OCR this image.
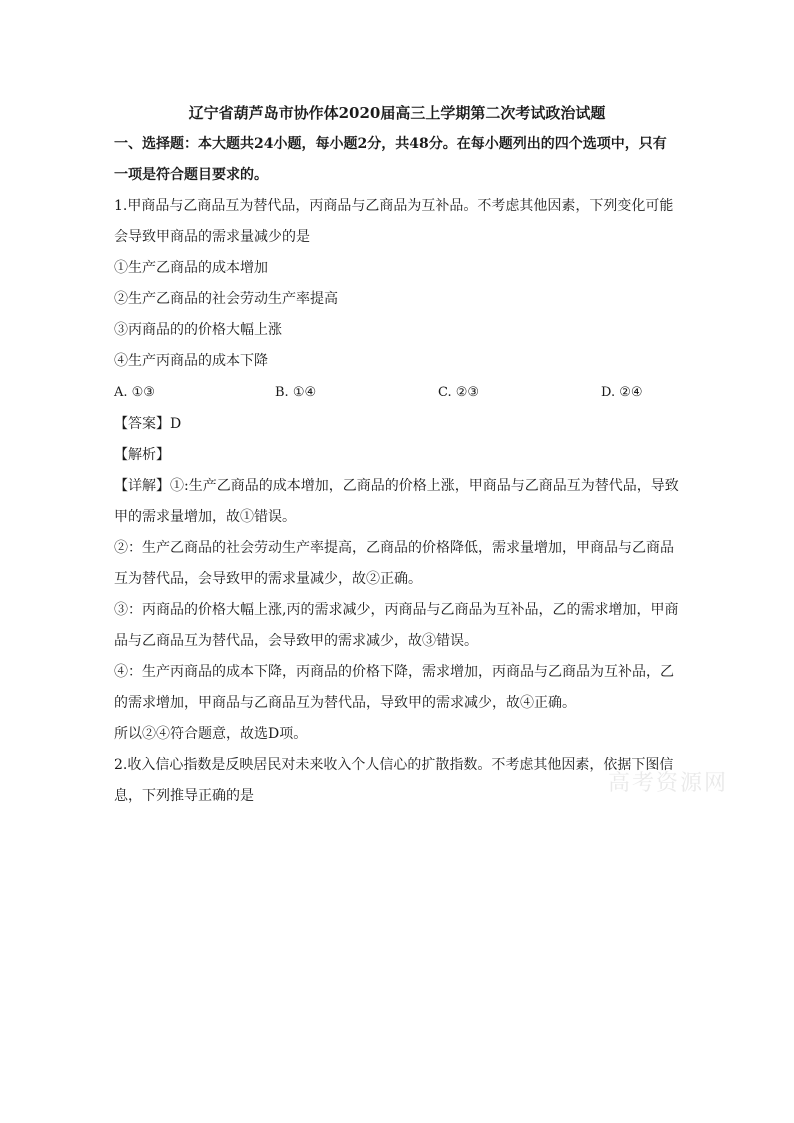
辽宁省葫芦岛市协作体2020届高三上学期第二次考试政治试题
一、选择题：本大题共24小题，每小题2分，共48分。在每小题列出的四个选项中，只有
一项是符合题目要求的。
1.甲商品与乙商品互为替代品，丙商品与乙商品为互补品。不考虑其他因素，下列变化可能
会导致甲商品的需求量减少的是
①生产乙商品的成本增加
②生产乙商品的社会劳动生产率提高
③丙商品的的价格大幅上涨
④生产丙商品的成本下降
A. ①③	B. ①④	C. ②③	D. ②④
【答案】D
【解析】
【详解】①:生产乙商品的成本增加，乙商品的价格上涨，甲商品与乙商品互为替代品，导致
甲的需求量增加，故①错误。
②：生产乙商品的社会劳动生产率提高，乙商品的价格降低，需求量增加，甲商品与乙商品
互为替代品，会导致甲的需求量减少，故②正确。
③：丙商品的价格大幅上涨,丙的需求减少，丙商品与乙商品为互补品，乙的需求增加，甲商
品与乙商品互为替代品，会导致甲的需求减少，故③错误。
④：生产丙商品的成本下降，丙商品的价格下降，需求增加，丙商品与乙商品为互补品，乙
的需求增加，甲商品与乙商品互为替代品，导致甲的需求减少，故④正确。
所以②④符合题意，故选D项。
2.收入信心指数是反映居民对未来收入个人信心的扩散指数。不考虑其他因素，依据下图信
息，下列推导正确的是	高考资源网
